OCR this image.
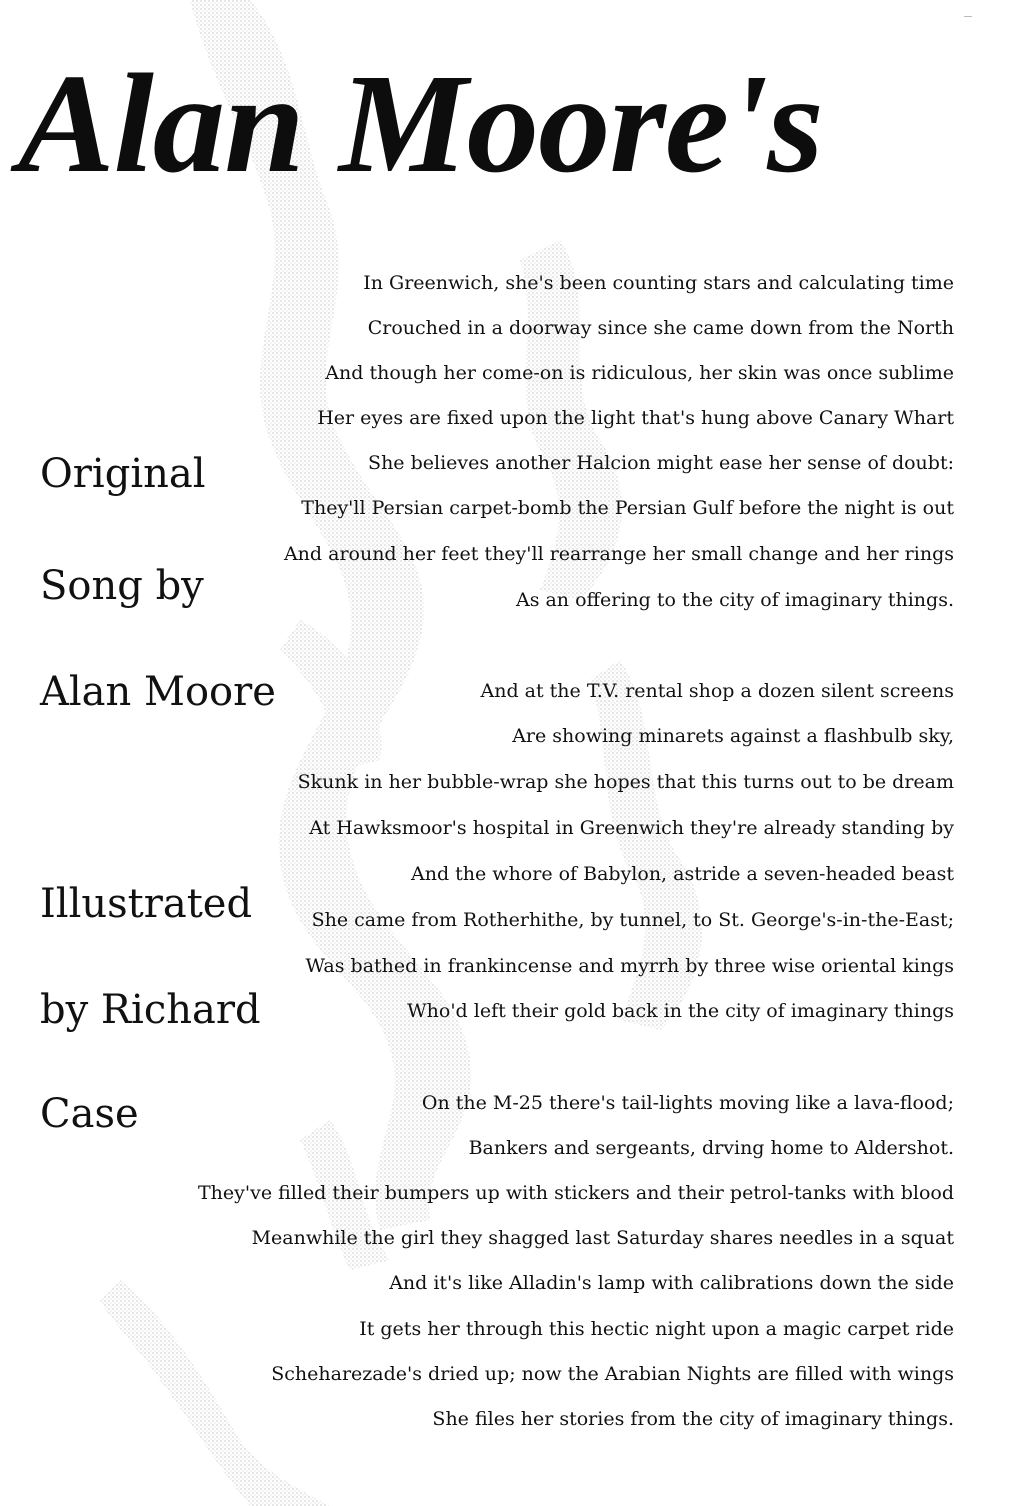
Alan Moore's
Original
Song by
Alan Moore
Illustrated
by Richard
Case
In Greenwich, she's been counting stars and calculating time
Crouched in a doorway since she came down from the North
And though her come-on is ridiculous, her skin was once sublime
Her eyes are fixed upon the light that's hung above Canary Whart
She believes another Halcion might ease her sense of doubt:
They'll Persian carpet-bomb the Persian Gulf before the night is out
And around her feet they'll rearrange her small change and her rings
As an offering to the city of imaginary things.
And at the T.V. rental shop a dozen silent screens
Are showing minarets against a flashbulb sky,
Skunk in her bubble-wrap she hopes that this turns out to be dream
At Hawksmoor's hospital in Greenwich they're already standing by
And the whore of Babylon, astride a seven-headed beast
She came from Rotherhithe, by tunnel, to St. George's-in-the-East;
Was bathed in frankincense and myrrh by three wise oriental kings
Who'd left their gold back in the city of imaginary things
On the M-25 there's tail-lights moving like a lava-flood;
Bankers and sergeants, drving home to Aldershot.
They've filled their bumpers up with stickers and their petrol-tanks with blood
Meanwhile the girl they shagged last Saturday shares needles in a squat
And it's like Alladin's lamp with calibrations down the side
It gets her through this hectic night upon a magic carpet ride
Scheharezade's dried up; now the Arabian Nights are filled with wings
She files her stories from the city of imaginary things.
